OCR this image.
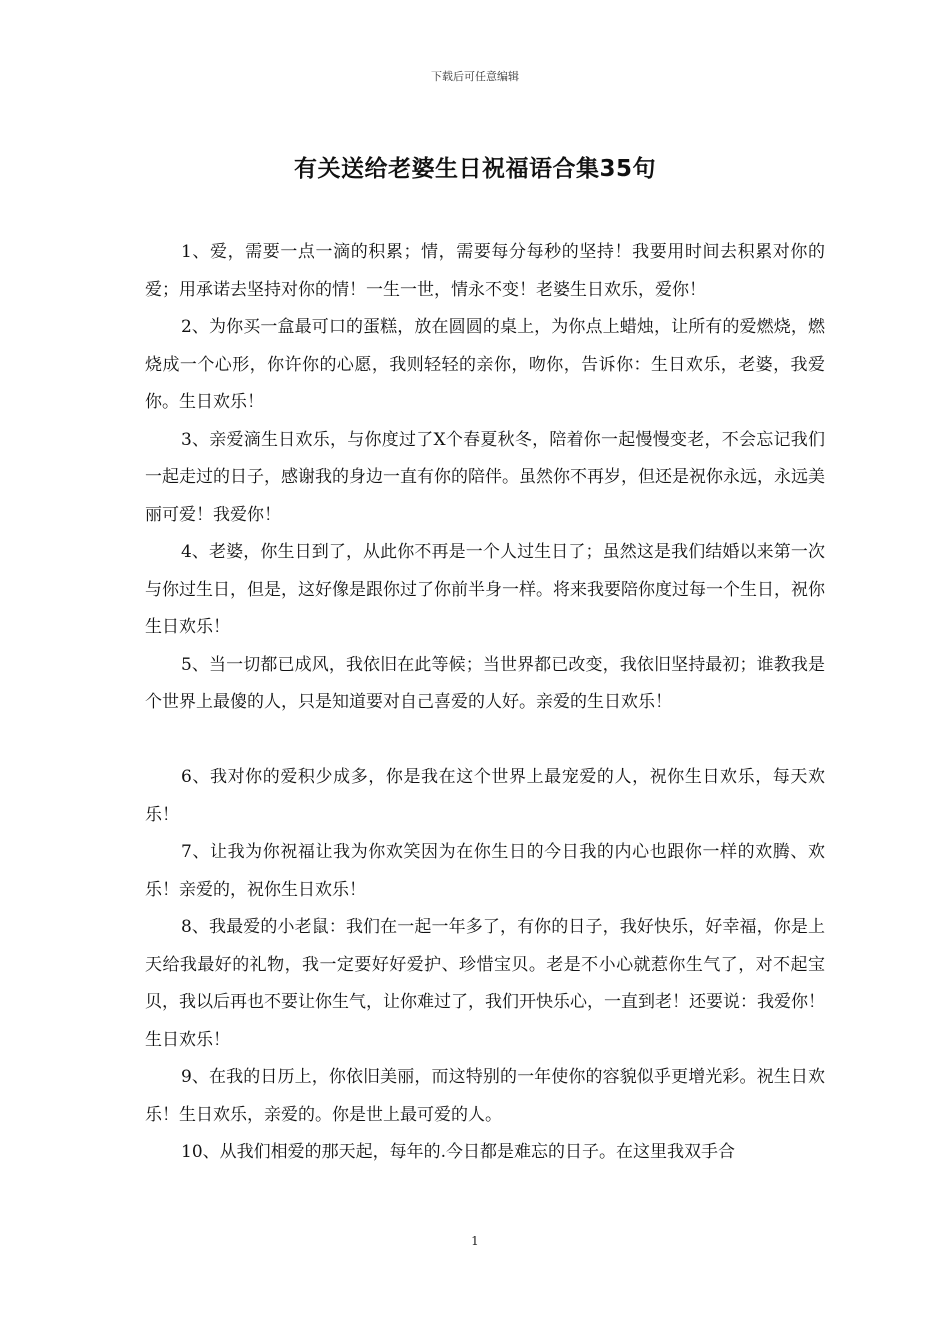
下载后可任意编辑
有关送给老婆生日祝福语合集35句

1、爱，需要一点一滴的积累；情，需要每分每秒的坚持！我要用时间去积累对你的爱；用承诺去坚持对你的情！一生一世，情永不变！老婆生日欢乐，爱你！

2、为你买一盒最可口的蛋糕，放在圆圆的桌上，为你点上蜡烛，让所有的爱燃烧，燃烧成一个心形，你许你的心愿，我则轻轻的亲你，吻你，告诉你：生日欢乐，老婆，我爱你。生日欢乐！

3、亲爱滴生日欢乐，与你度过了X个春夏秋冬，陪着你一起慢慢变老，不会忘记我们一起走过的日子，感谢我的身边一直有你的陪伴。虽然你不再岁，但还是祝你永远，永远美丽可爱！我爱你！

4、老婆，你生日到了，从此你不再是一个人过生日了；虽然这是我们结婚以来第一次与你过生日，但是，这好像是跟你过了你前半身一样。将来我要陪你度过每一个生日，祝你生日欢乐！

5、当一切都已成风，我依旧在此等候；当世界都已改变，我依旧坚持最初；谁教我是个世界上最傻的人，只是知道要对自己喜爱的人好。亲爱的生日欢乐！

6、我对你的爱积少成多，你是我在这个世界上最宠爱的人，祝你生日欢乐，每天欢乐！

7、让我为你祝福让我为你欢笑因为在你生日的今日我的内心也跟你一样的欢腾、欢乐！亲爱的，祝你生日欢乐！

8、我最爱的小老鼠：我们在一起一年多了，有你的日子，我好快乐，好幸福，你是上天给我最好的礼物，我一定要好好爱护、珍惜宝贝。老是不小心就惹你生气了，对不起宝贝，我以后再也不要让你生气，让你难过了，我们开快乐心，一直到老！还要说：我爱你！生日欢乐！

9、在我的日历上，你依旧美丽，而这特别的一年使你的容貌似乎更增光彩。祝生日欢乐！生日欢乐，亲爱的。你是世上最可爱的人。

10、从我们相爱的那天起，每年的.今日都是难忘的日子。在这里我双手合

1
